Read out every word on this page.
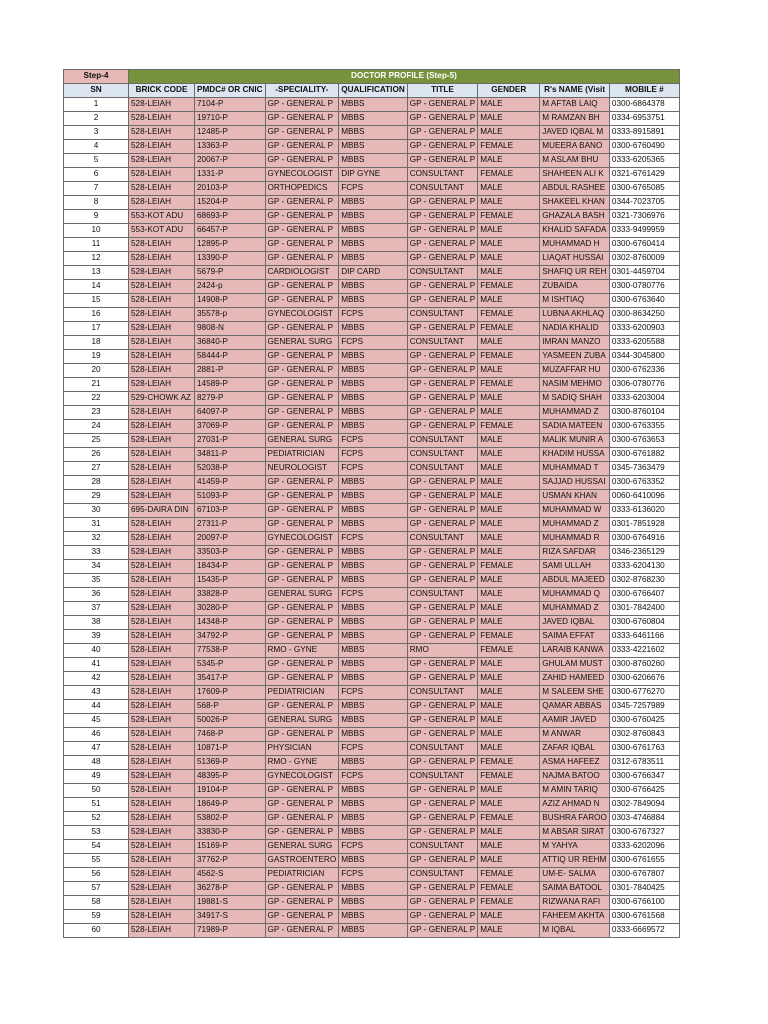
Step-4	DOCTOR PROFILE (Step-5)							
SN	BRICK CODE	PMDC# OR CNIC	-SPECIALITY-	QUALIFICATION	TITLE	GENDER	R's NAME (Visit	MOBILE #
1	528-LEIAH	7104-P	GP - GENERAL P	MBBS	GP - GENERAL P	MALE	M AFTAB LAIQ	0300-6864378
2	528-LEIAH	19710-P	GP - GENERAL P	MBBS	GP - GENERAL P	MALE	M RAMZAN BH	0334-6953751
3	528-LEIAH	12485-P	GP - GENERAL P	MBBS	GP - GENERAL P	MALE	JAVED IQBAL M	0333-8915891
4	528-LEIAH	13363-P	GP - GENERAL P	MBBS	GP - GENERAL P	FEMALE	MUEERA BANO	0300-6760490
5	528-LEIAH	20067-P	GP - GENERAL P	MBBS	GP - GENERAL P	MALE	M ASLAM BHU	0333-6205365
6	528-LEIAH	1331-P	GYNECOLOGIST	DIP GYNE	CONSULTANT	FEMALE	SHAHEEN ALI K	0321-6761429
7	528-LEIAH	20103-P	ORTHOPEDICS	FCPS	CONSULTANT	MALE	ABDUL RASHEE	0300-6765085
8	528-LEIAH	15204-P	GP - GENERAL P	MBBS	GP - GENERAL P	MALE	SHAKEEL KHAN	0344-7023705
9	553-KOT ADU	68693-P	GP - GENERAL P	MBBS	GP - GENERAL P	FEMALE	GHAZALA BASH	0321-7306976
10	553-KOT ADU	66457-P	GP - GENERAL P	MBBS	GP - GENERAL P	MALE	KHALID SAFADA	0333-9499959
11	528-LEIAH	12895-P	GP - GENERAL P	MBBS	GP - GENERAL P	MALE	MUHAMMAD H	0300-6760414
12	528-LEIAH	13390-P	GP - GENERAL P	MBBS	GP - GENERAL P	MALE	LIAQAT HUSSAI	0302-8760009
13	528-LEIAH	5679-P	CARDIOLOGIST	DIP CARD	CONSULTANT	MALE	SHAFIQ UR REH	0301-4459704
14	528-LEIAH	2424-p	GP - GENERAL P	MBBS	GP - GENERAL P	FEMALE	ZUBAIDA	0300-0780776
15	528-LEIAH	14908-P	GP - GENERAL P	MBBS	GP - GENERAL P	MALE	M ISHTIAQ	0300-6763640
16	528-LEIAH	35578-p	GYNECOLOGIST	FCPS	CONSULTANT	FEMALE	LUBNA AKHLAQ	0300-8634250
17	528-LEIAH	9808-N	GP - GENERAL P	MBBS	GP - GENERAL P	FEMALE	NADIA KHALID	0333-6200903
18	528-LEIAH	36840-P	GENERAL SURG	FCPS	CONSULTANT	MALE	IMRAN MANZO	0333-6205588
19	528-LEIAH	58444-P	GP - GENERAL P	MBBS	GP - GENERAL P	FEMALE	YASMEEN ZUBA	0344-3045800
20	528-LEIAH	2881-P	GP - GENERAL P	MBBS	GP - GENERAL P	MALE	MUZAFFAR HU	0300-6762336
21	528-LEIAH	14589-P	GP - GENERAL P	MBBS	GP - GENERAL P	FEMALE	NASIM MEHMO	0306-0780776
22	529-CHOWK AZ	8279-P	GP - GENERAL P	MBBS	GP - GENERAL P	MALE	M SADIQ SHAH	0333-6203004
23	528-LEIAH	64097-P	GP - GENERAL P	MBBS	GP - GENERAL P	MALE	MUHAMMAD Z	0300-8760104
24	528-LEIAH	37069-P	GP - GENERAL P	MBBS	GP - GENERAL P	FEMALE	SADIA MATEEN	0300-6763355
25	528-LEIAH	27031-P	GENERAL SURG	FCPS	CONSULTANT	MALE	MALIK MUNIR A	0300-6763653
26	528-LEIAH	34811-P	PEDIATRICIAN	FCPS	CONSULTANT	MALE	KHADIM HUSSA	0300-6761882
27	528-LEIAH	52038-P	NEUROLOGIST	FCPS	CONSULTANT	MALE	MUHAMMAD T	0345-7363479
28	528-LEIAH	41459-P	GP - GENERAL P	MBBS	GP - GENERAL P	MALE	SAJJAD HUSSAI	0300-6763352
29	528-LEIAH	51093-P	GP - GENERAL P	MBBS	GP - GENERAL P	MALE	USMAN KHAN	0060-6410096
30	695-DAIRA DIN	67103-P	GP - GENERAL P	MBBS	GP - GENERAL P	MALE	MUHAMMAD W	0333-6136020
31	528-LEIAH	27311-P	GP - GENERAL P	MBBS	GP - GENERAL P	MALE	MUHAMMAD Z	0301-7851928
32	528-LEIAH	20097-P	GYNECOLOGIST	FCPS	CONSULTANT	MALE	MUHAMMAD R	0300-6764916
33	528-LEIAH	33503-P	GP - GENERAL P	MBBS	GP - GENERAL P	MALE	RIZA SAFDAR	0346-2365129
34	528-LEIAH	18434-P	GP - GENERAL P	MBBS	GP - GENERAL P	FEMALE	SAMI ULLAH	0333-6204130
35	528-LEIAH	15435-P	GP - GENERAL P	MBBS	GP - GENERAL P	MALE	ABDUL MAJEED	0302-8768230
36	528-LEIAH	33828-P	GENERAL SURG	FCPS	CONSULTANT	MALE	MUHAMMAD Q	0300-6766407
37	528-LEIAH	30280-P	GP - GENERAL P	MBBS	GP - GENERAL P	MALE	MUHAMMAD Z	0301-7842400
38	528-LEIAH	14348-P	GP - GENERAL P	MBBS	GP - GENERAL P	MALE	JAVED IQBAL	0300-6760804
39	528-LEIAH	34792-P	GP - GENERAL P	MBBS	GP - GENERAL P	FEMALE	SAIMA EFFAT	0333-6461166
40	528-LEIAH	77538-P	RMO - GYNE	MBBS	RMO	FEMALE	LARAIB KANWA	0333-4221602
41	528-LEIAH	5345-P	GP - GENERAL P	MBBS	GP - GENERAL P	MALE	GHULAM MUST	0300-8760260
42	528-LEIAH	35417-P	GP - GENERAL P	MBBS	GP - GENERAL P	MALE	ZAHID HAMEED	0300-6206676
43	528-LEIAH	17609-P	PEDIATRICIAN	FCPS	CONSULTANT	MALE	M SALEEM SHE	0300-6776270
44	528-LEIAH	568-P	GP - GENERAL P	MBBS	GP - GENERAL P	MALE	QAMAR ABBAS	0345-7257989
45	528-LEIAH	50026-P	GENERAL SURG	MBBS	GP - GENERAL P	MALE	AAMIR JAVED	0300-6760425
46	528-LEIAH	7468-P	GP - GENERAL P	MBBS	GP - GENERAL P	MALE	M ANWAR	0302-8760843
47	528-LEIAH	10871-P	PHYSICIAN	FCPS	CONSULTANT	MALE	ZAFAR IQBAL	0300-6761763
48	528-LEIAH	51369-P	RMO - GYNE	MBBS	GP - GENERAL P	FEMALE	ASMA HAFEEZ	0312-6783511
49	528-LEIAH	48395-P	GYNECOLOGIST	FCPS	CONSULTANT	FEMALE	NAJMA BATOO	0300-6766347
50	528-LEIAH	19104-P	GP - GENERAL P	MBBS	GP - GENERAL P	MALE	M AMIN TARIQ	0300-6766425
51	528-LEIAH	18649-P	GP - GENERAL P	MBBS	GP - GENERAL P	MALE	AZIZ AHMAD N	0302-7849094
52	528-LEIAH	53802-P	GP - GENERAL P	MBBS	GP - GENERAL P	FEMALE	BUSHRA FAROO	0303-4746884
53	528-LEIAH	33830-P	GP - GENERAL P	MBBS	GP - GENERAL P	MALE	M ABSAR SIRAT	0300-6767327
54	528-LEIAH	15169-P	GENERAL SURG	FCPS	CONSULTANT	MALE	M YAHYA	0333-6202096
55	528-LEIAH	37762-P	GASTROENTERO	MBBS	GP - GENERAL P	MALE	ATTIQ UR REHM	0300-6761655
56	528-LEIAH	4562-S	PEDIATRICIAN	FCPS	CONSULTANT	FEMALE	UM-E- SALMA	0300-6767807
57	528-LEIAH	36278-P	GP - GENERAL P	MBBS	GP - GENERAL P	FEMALE	SAIMA BATOOL	0301-7840425
58	528-LEIAH	19881-S	GP - GENERAL P	MBBS	GP - GENERAL P	FEMALE	RIZWANA RAFI	0300-6766100
59	528-LEIAH	34917-S	GP - GENERAL P	MBBS	GP - GENERAL P	MALE	FAHEEM AKHTA	0300-6761568
60	528-LEIAH	71989-P	GP - GENERAL P	MBBS	GP - GENERAL P	MALE	M IQBAL	0333-6669572
